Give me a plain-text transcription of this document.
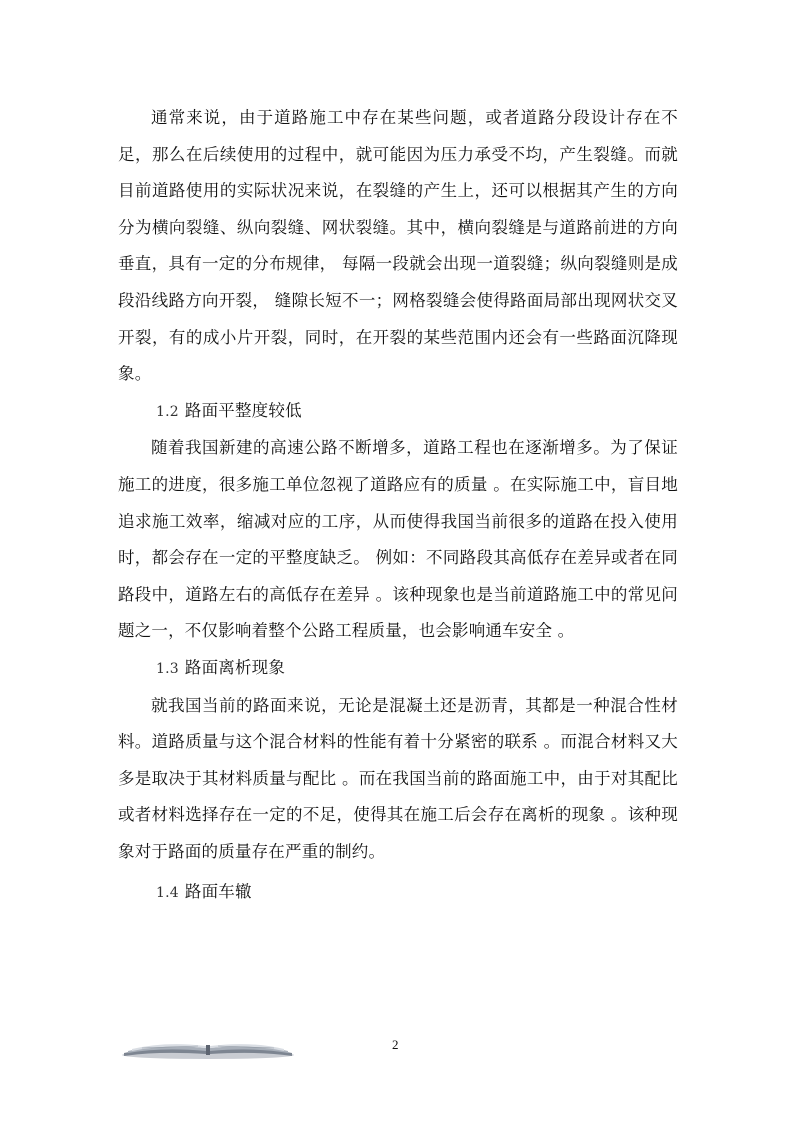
通常来说，由于道路施工中存在某些问题，或者道路分段设计存在不足，那么在后续使用的过程中，就可能因为压力承受不均，产生裂缝。而就目前道路使用的实际状况来说，在裂缝的产生上，还可以根据其产生的方向分为横向裂缝、纵向裂缝、网状裂缝。其中，横向裂缝是与道路前进的方向垂直，具有一定的分布规律， 每隔一段就会出现一道裂缝；纵向裂缝则是成段沿线路方向开裂， 缝隙长短不一；网格裂缝会使得路面局部出现网状交叉开裂，有的成小片开裂，同时，在开裂的某些范围内还会有一些路面沉降现象。

1.2 路面平整度较低

随着我国新建的高速公路不断增多，道路工程也在逐渐增多。为了保证施工的进度，很多施工单位忽视了道路应有的质量 。在实际施工中，盲目地追求施工效率，缩减对应的工序，从而使得我国当前很多的道路在投入使用时，都会存在一定的平整度缺乏。 例如：不同路段其高低存在差异或者在同路段中，道路左右的高低存在差异 。该种现象也是当前道路施工中的常见问题之一，不仅影响着整个公路工程质量，也会影响通车安全 。

1.3 路面离析现象

就我国当前的路面来说，无论是混凝土还是沥青，其都是一种混合性材料。道路质量与这个混合材料的性能有着十分紧密的联系 。而混合材料又大多是取决于其材料质量与配比 。而在我国当前的路面施工中，由于对其配比或者材料选择存在一定的不足，使得其在施工后会存在离析的现象 。该种现象对于路面的质量存在严重的制约。

1.4 路面车辙
2
